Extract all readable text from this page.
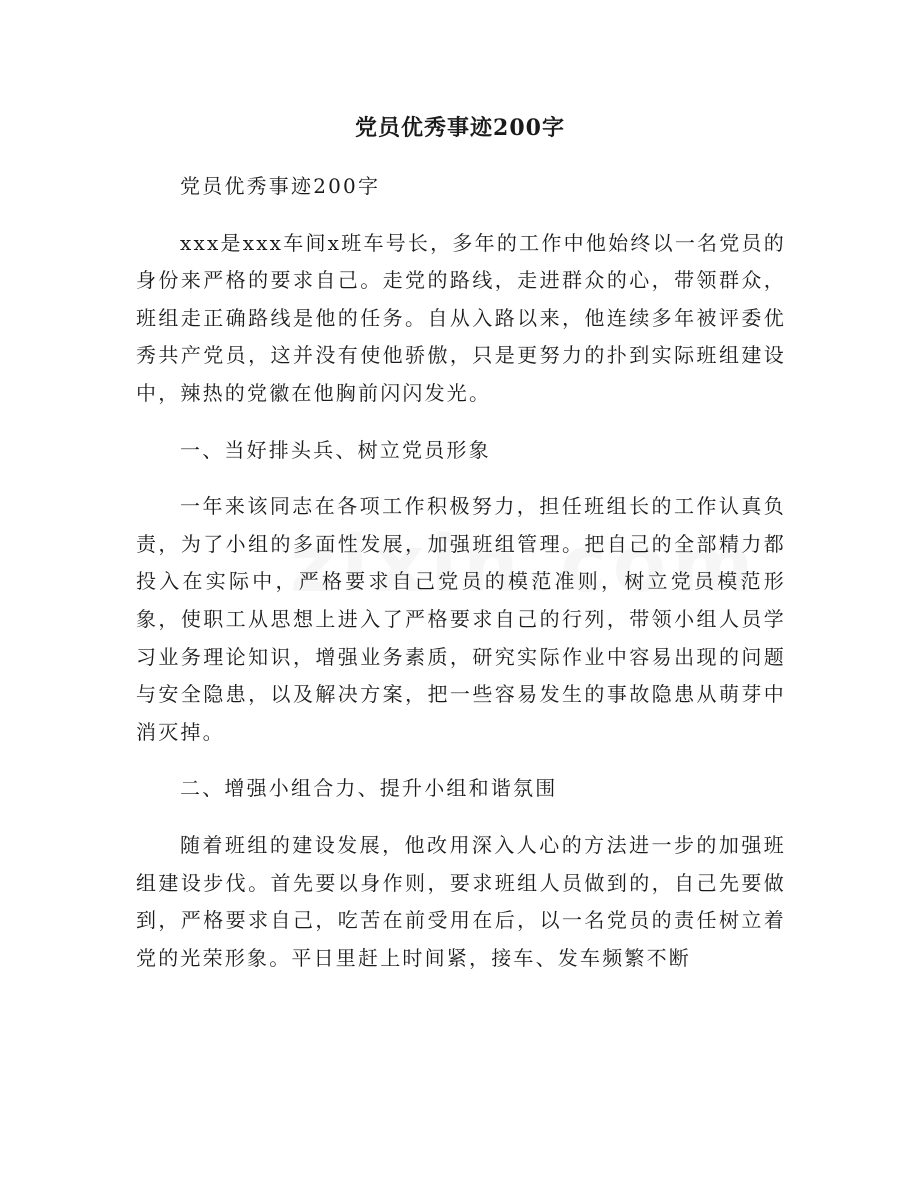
党员优秀事迹200字

党员优秀事迹200字

xxx是xxx车间x班车号长，多年的工作中他始终以一名党员的身份来严格的要求自己。走党的路线，走进群众的心，带领群众，班组走正确路线是他的任务。自从入路以来，他连续多年被评委优秀共产党员，这并没有使他骄傲，只是更努力的扑到实际班组建设中，辣热的党徽在他胸前闪闪发光。

一、当好排头兵、树立党员形象

一年来该同志在各项工作积极努力，担任班组长的工作认真负责，为了小组的多面性发展，加强班组管理。把自己的全部精力都投入在实际中，严格要求自己党员的模范准则，树立党员模范形象，使职工从思想上进入了严格要求自己的行列，带领小组人员学习业务理论知识，增强业务素质，研究实际作业中容易出现的问题与安全隐患，以及解决方案，把一些容易发生的事故隐患从萌芽中消灭掉。

二、增强小组合力、提升小组和谐氛围

随着班组的建设发展，他改用深入人心的方法进一步的加强班组建设步伐。首先要以身作则，要求班组人员做到的，自己先要做到，严格要求自己，吃苦在前受用在后，以一名党员的责任树立着党的光荣形象。平日里赶上时间紧，接车、发车频繁不断
